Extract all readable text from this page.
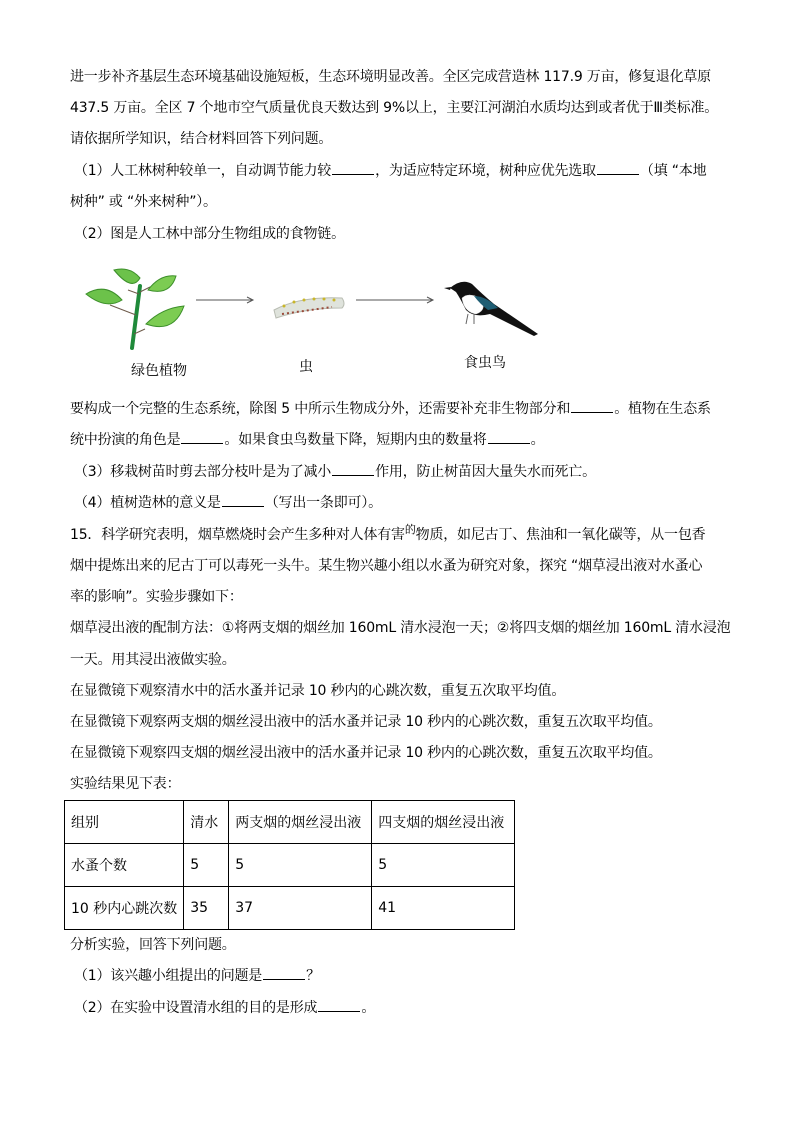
进一步补齐基层生态环境基础设施短板，生态环境明显改善。全区完成营造林 117.9 万亩，修复退化草原
437.5 万亩。全区 7 个地市空气质量优良天数达到 9%以上，主要江河湖泊水质均达到或者优于Ⅲ类标准。
请依据所学知识，结合材料回答下列问题。
（1）人工林树种较单一，自动调节能力较	，为适应特定环境，树种应优先选取	（填 “本地
树种” 或 “外来树种”）。
（2）图是人工林中部分生物组成的食物链。
绿色植物	虫	食虫鸟
要构成一个完整的生态系统，除图 5 中所示生物成分外，还需要补充非生物部分和	。植物在生态系
统中扮演的角色是	。如果食虫鸟数量下降，短期内虫的数量将	。
（3）移栽树苗时剪去部分枝叶是为了减小	作用，防止树苗因大量失水而死亡。
（4）植树造林的意义是	（写出一条即可）。
15．科学研究表明，烟草燃烧时会产生多种对人体有害$^的$物质，如尼古丁、焦油和一氧化碳等，从一包香
烟中提炼出来的尼古丁可以毒死一头牛。某生物兴趣小组以水蚤为研究对象，探究 “烟草浸出液对水蚤心
率的影响”。实验步骤如下：
烟草浸出液的配制方法：①将两支烟的烟丝加 160mL 清水浸泡一天；②将四支烟的烟丝加 160mL 清水浸泡
一天。用其浸出液做实验。
在显微镜下观察清水中的活水蚤并记录 10 秒内的心跳次数，重复五次取平均值。
在显微镜下观察两支烟的烟丝浸出液中的活水蚤并记录 10 秒内的心跳次数，重复五次取平均值。
在显微镜下观察四支烟的烟丝浸出液中的活水蚤并记录 10 秒内的心跳次数，重复五次取平均值。
实验结果见下表：
组别	清水	两支烟的烟丝浸出液	四支烟的烟丝浸出液
水蚤个数	5	5	5
10 秒内心跳次数	35	37	41
分析实验，回答下列问题。
（1）该兴趣小组提出的问题是	？
（2）在实验中设置清水组的目的是形成	。
